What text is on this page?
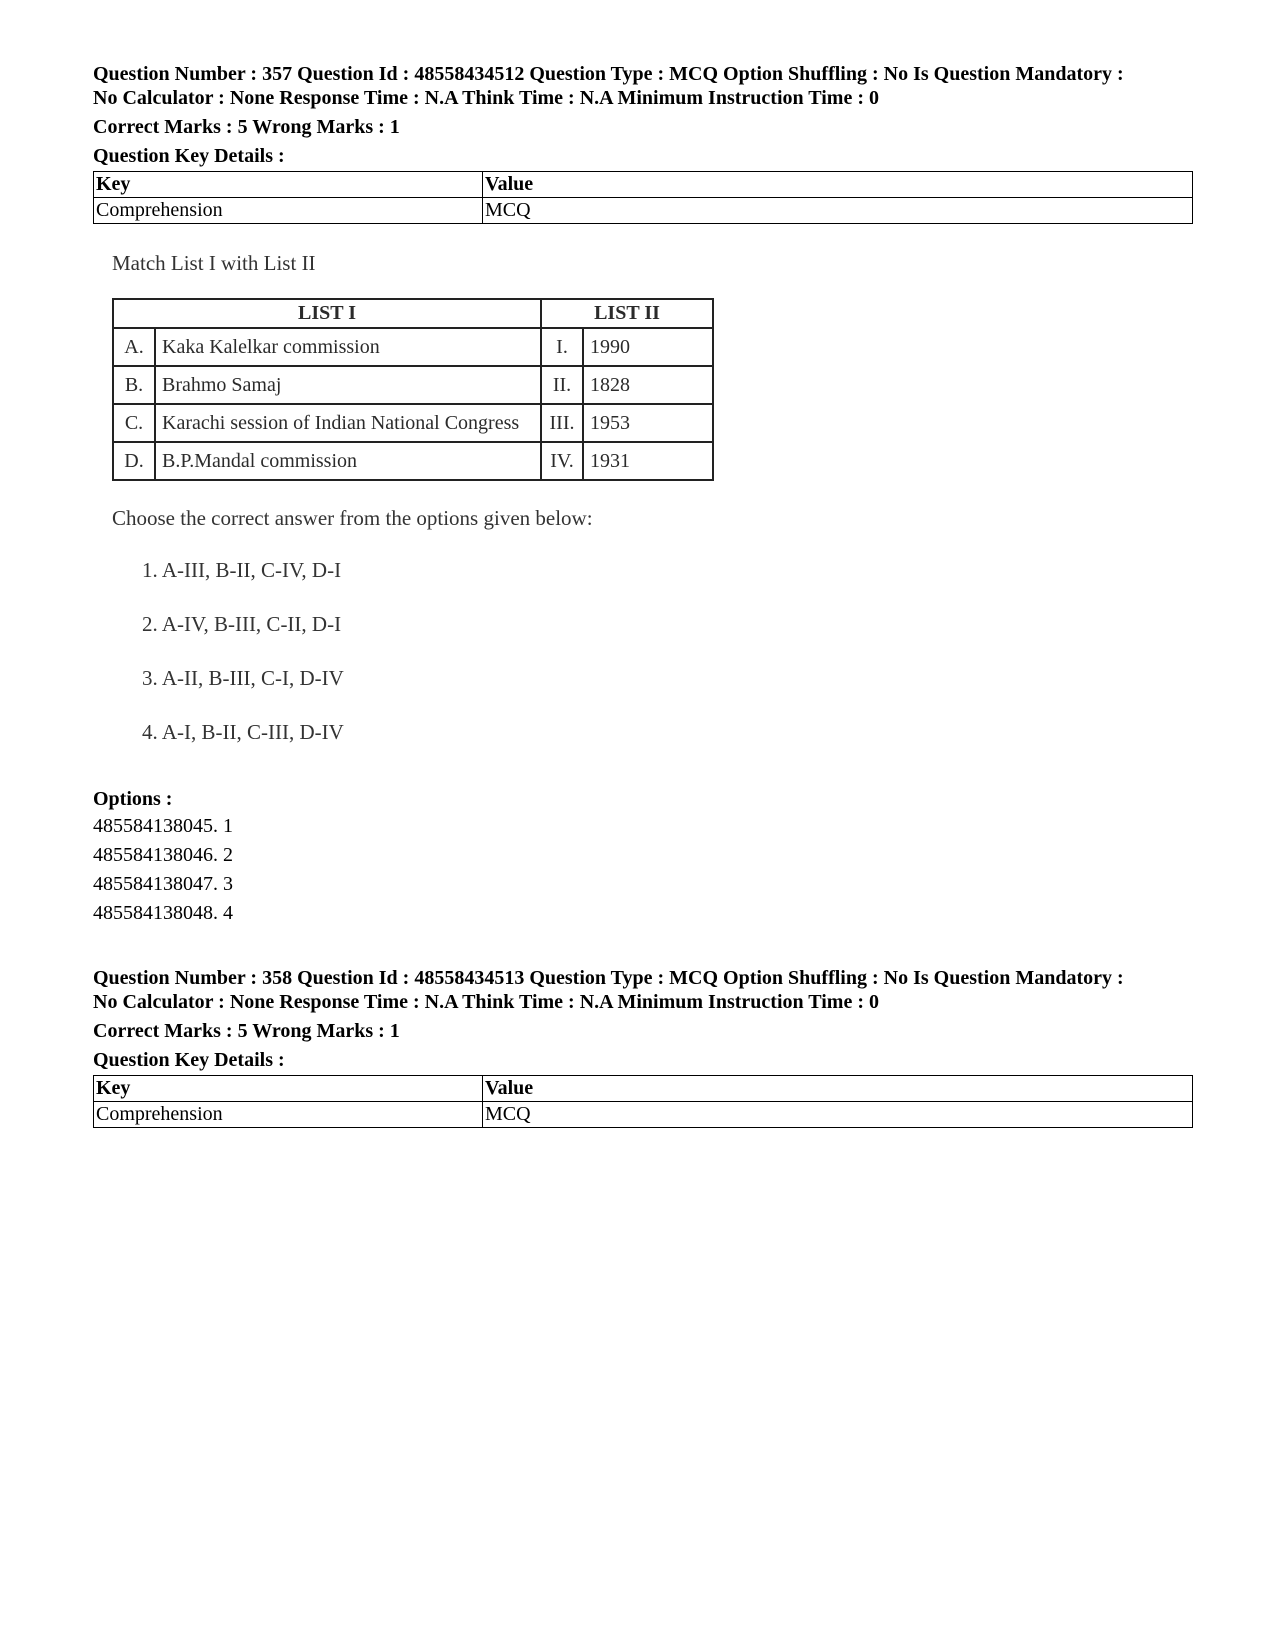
Question Number : 357 Question Id : 48558434512 Question Type : MCQ Option Shuffling : No Is Question Mandatory :
No Calculator : None Response Time : N.A Think Time : N.A Minimum Instruction Time : 0
Correct Marks : 5 Wrong Marks : 1
Question Key Details :
Key	Value
Comprehension	MCQ
Match List I with List II
LIST I		LIST II	
A.	Kaka Kalelkar commission	I.	1990
B.	Brahmo Samaj	II.	1828
C.	Karachi session of Indian National Congress	III.	1953
D.	B.P.Mandal commission	IV.	1931
Choose the correct answer from the options given below:
1. A-III, B-II, C-IV, D-I
2. A-IV, B-III, C-II, D-I
3. A-II, B-III, C-I, D-IV
4. A-I, B-II, C-III, D-IV
Options :
485584138045. 1
485584138046. 2
485584138047. 3
485584138048. 4
Question Number : 358 Question Id : 48558434513 Question Type : MCQ Option Shuffling : No Is Question Mandatory :
No Calculator : None Response Time : N.A Think Time : N.A Minimum Instruction Time : 0
Correct Marks : 5 Wrong Marks : 1
Question Key Details :
Key	Value
Comprehension	MCQ
